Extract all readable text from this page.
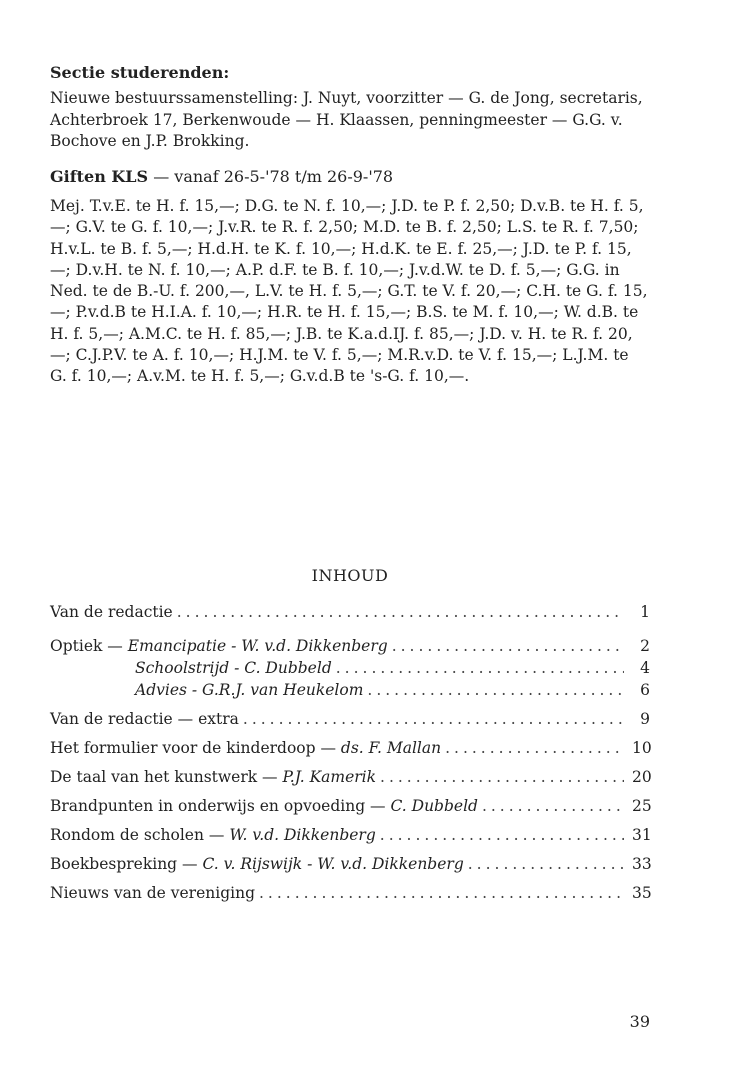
Sectie studerenden:
Nieuwe bestuurssamenstelling: J. Nuyt, voorzitter — G. de Jong, secretaris, Achterbroek 17, Berkenwoude — H. Klaassen, penningmeester — G.G. v. Bochove en J.P. Brokking.
Giften KLS — vanaf 26-5-'78 t/m 26-9-'78
Mej. T.v.E. te H. f. 15,—; D.G. te N. f. 10,—; J.D. te P. f. 2,50; D.v.B. te H. f. 5,—; G.V. te G. f. 10,—; J.v.R. te R. f. 2,50; M.D. te B. f. 2,50; L.S. te R. f. 7,50; H.v.L. te B. f. 5,—; H.d.H. te K. f. 10,—; H.d.K. te E. f. 25,—; J.D. te P. f. 15,—; D.v.H. te N. f. 10,—; A.P. d.F. te B. f. 10,—; J.v.d.W. te D. f. 5,—; G.G. in Ned. te de B.-U. f. 200,—, L.V. te H. f. 5,—; G.T. te V. f. 20,—; C.H. te G. f. 15,—; P.v.d.B te H.I.A. f. 10,—; H.R. te H. f. 15,—; B.S. te M. f. 10,—; W. d.B. te H. f. 5,—; A.M.C. te H. f. 85,—; J.B. te K.a.d.IJ. f. 85,—; J.D. v. H. te R. f. 20,—; C.J.P.V. te A. f. 10,—; H.J.M. te V. f. 5,—; M.R.v.D. te V. f. 15,—; L.J.M. te G. f. 10,—; A.v.M. te H. f. 5,—; G.v.d.B te 's-G. f. 10,—.
INHOUD
Van de redactie .....	1
Optiek — Emancipatie - W. v.d. Dikkenberg .....	2
Schoolstrijd - C. Dubbeld .....	4
Advies - G.R.J. van Heukelom .....	6
Van de redactie — extra .....	9
Het formulier voor de kinderdoop — ds. F. Mallan .....	10
De taal van het kunstwerk — P.J. Kamerik .....	20
Brandpunten in onderwijs en opvoeding — C. Dubbeld .....	25
Rondom de scholen — W. v.d. Dikkenberg .....	31
Boekbespreking — C. v. Rijswijk - W. v.d. Dikkenberg .....	33
Nieuws van de vereniging .....	35
39
